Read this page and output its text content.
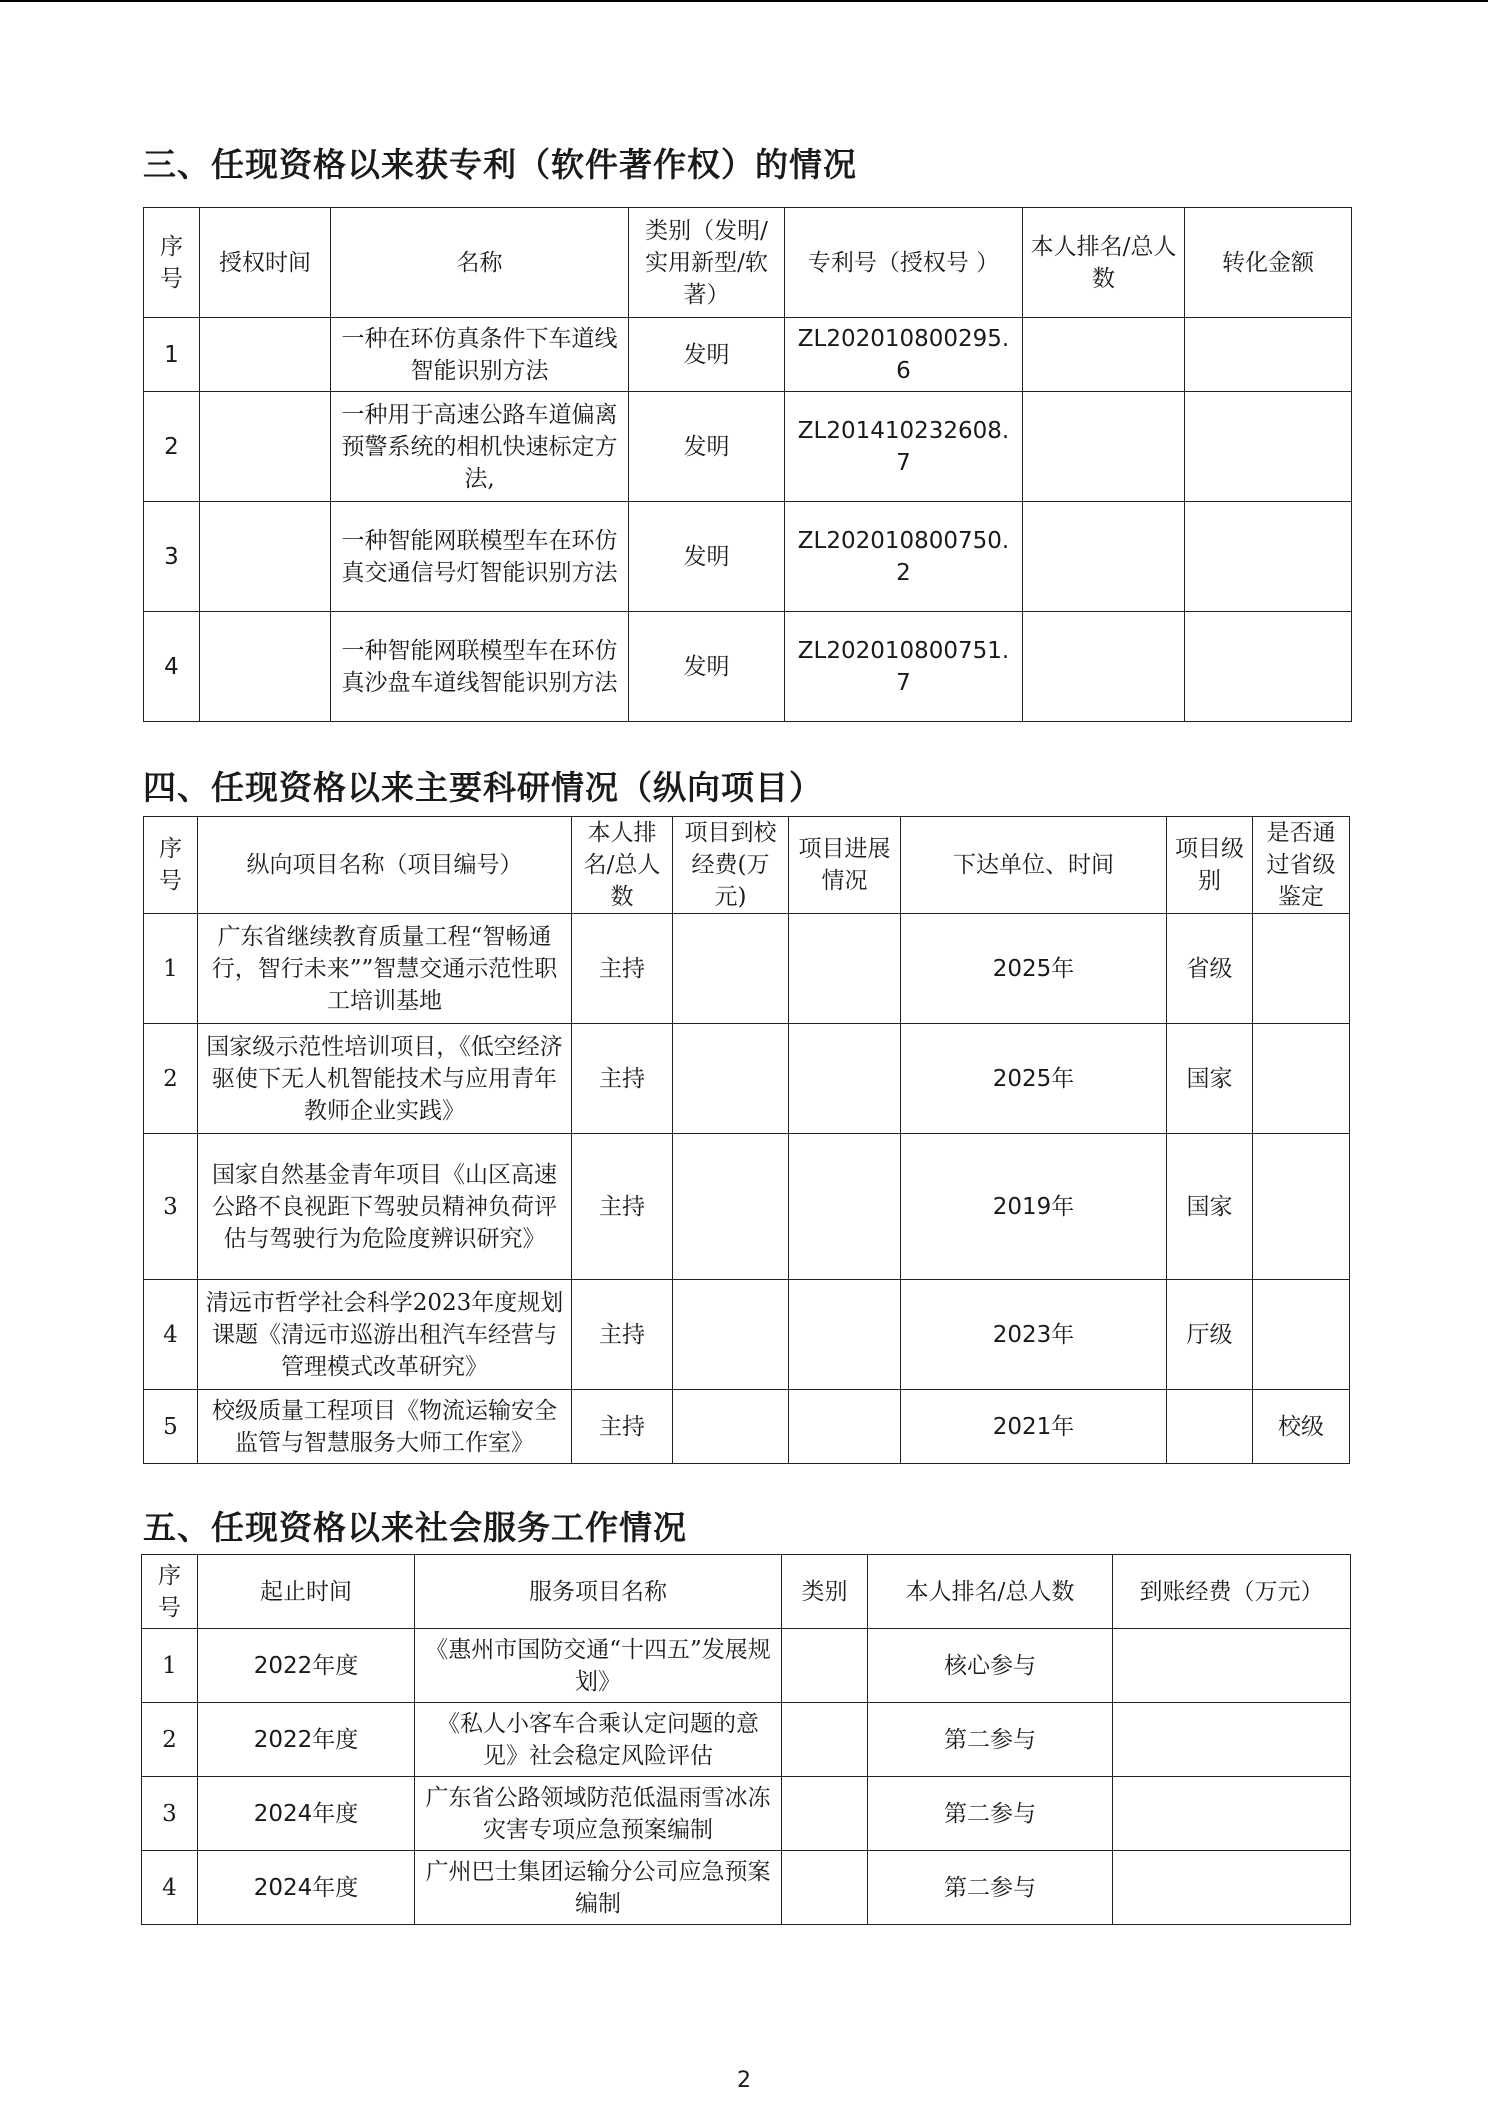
三、任现资格以来获专利（软件著作权）的情况
序号	授权时间	名称	类别（发明/实用新型/软著）	专利号（授权号 ）	本人排名/总人数	转化金额
1		一种在环仿真条件下车道线智能识别方法	发明	ZL202010800295.6		
2		一种用于高速公路车道偏离预警系统的相机快速标定方法,	发明	ZL201410232608.7		
3		一种智能网联模型车在环仿真交通信号灯智能识别方法	发明	ZL202010800750.2		
4		一种智能网联模型车在环仿真沙盘车道线智能识别方法	发明	ZL202010800751.7		
四、任现资格以来主要科研情况（纵向项目）
序号	纵向项目名称（项目编号）	本人排名/总人数	项目到校经费(万元)	项目进展情况	下达单位、时间	项目级别	是否通过省级鉴定
1	广东省继续教育质量工程“智畅通行，智行未来””智慧交通示范性职工培训基地	主持			2025年	省级	
2	国家级示范性培训项目，《低空经济驱使下无人机智能技术与应用青年教师企业实践》	主持			2025年	国家	
3	国家自然基金青年项目《山区高速公路不良视距下驾驶员精神负荷评估与驾驶行为危险度辨识研究》	主持			2019年	国家	
4	清远市哲学社会科学2023年度规划课题《清远市巡游出租汽车经营与管理模式改革研究》	主持			2023年	厅级	
5	校级质量工程项目《物流运输安全监管与智慧服务大师工作室》	主持			2021年		校级
五、任现资格以来社会服务工作情况
序号	起止时间	服务项目名称	类别	本人排名/总人数	到账经费（万元）
1	2022年度	《惠州市国防交通“十四五”发展规划》		核心参与	
2	2022年度	《私人小客车合乘认定问题的意见》社会稳定风险评估		第二参与	
3	2024年度	广东省公路领域防范低温雨雪冰冻灾害专项应急预案编制		第二参与	
4	2024年度	广州巴士集团运输分公司应急预案编制		第二参与	
2
